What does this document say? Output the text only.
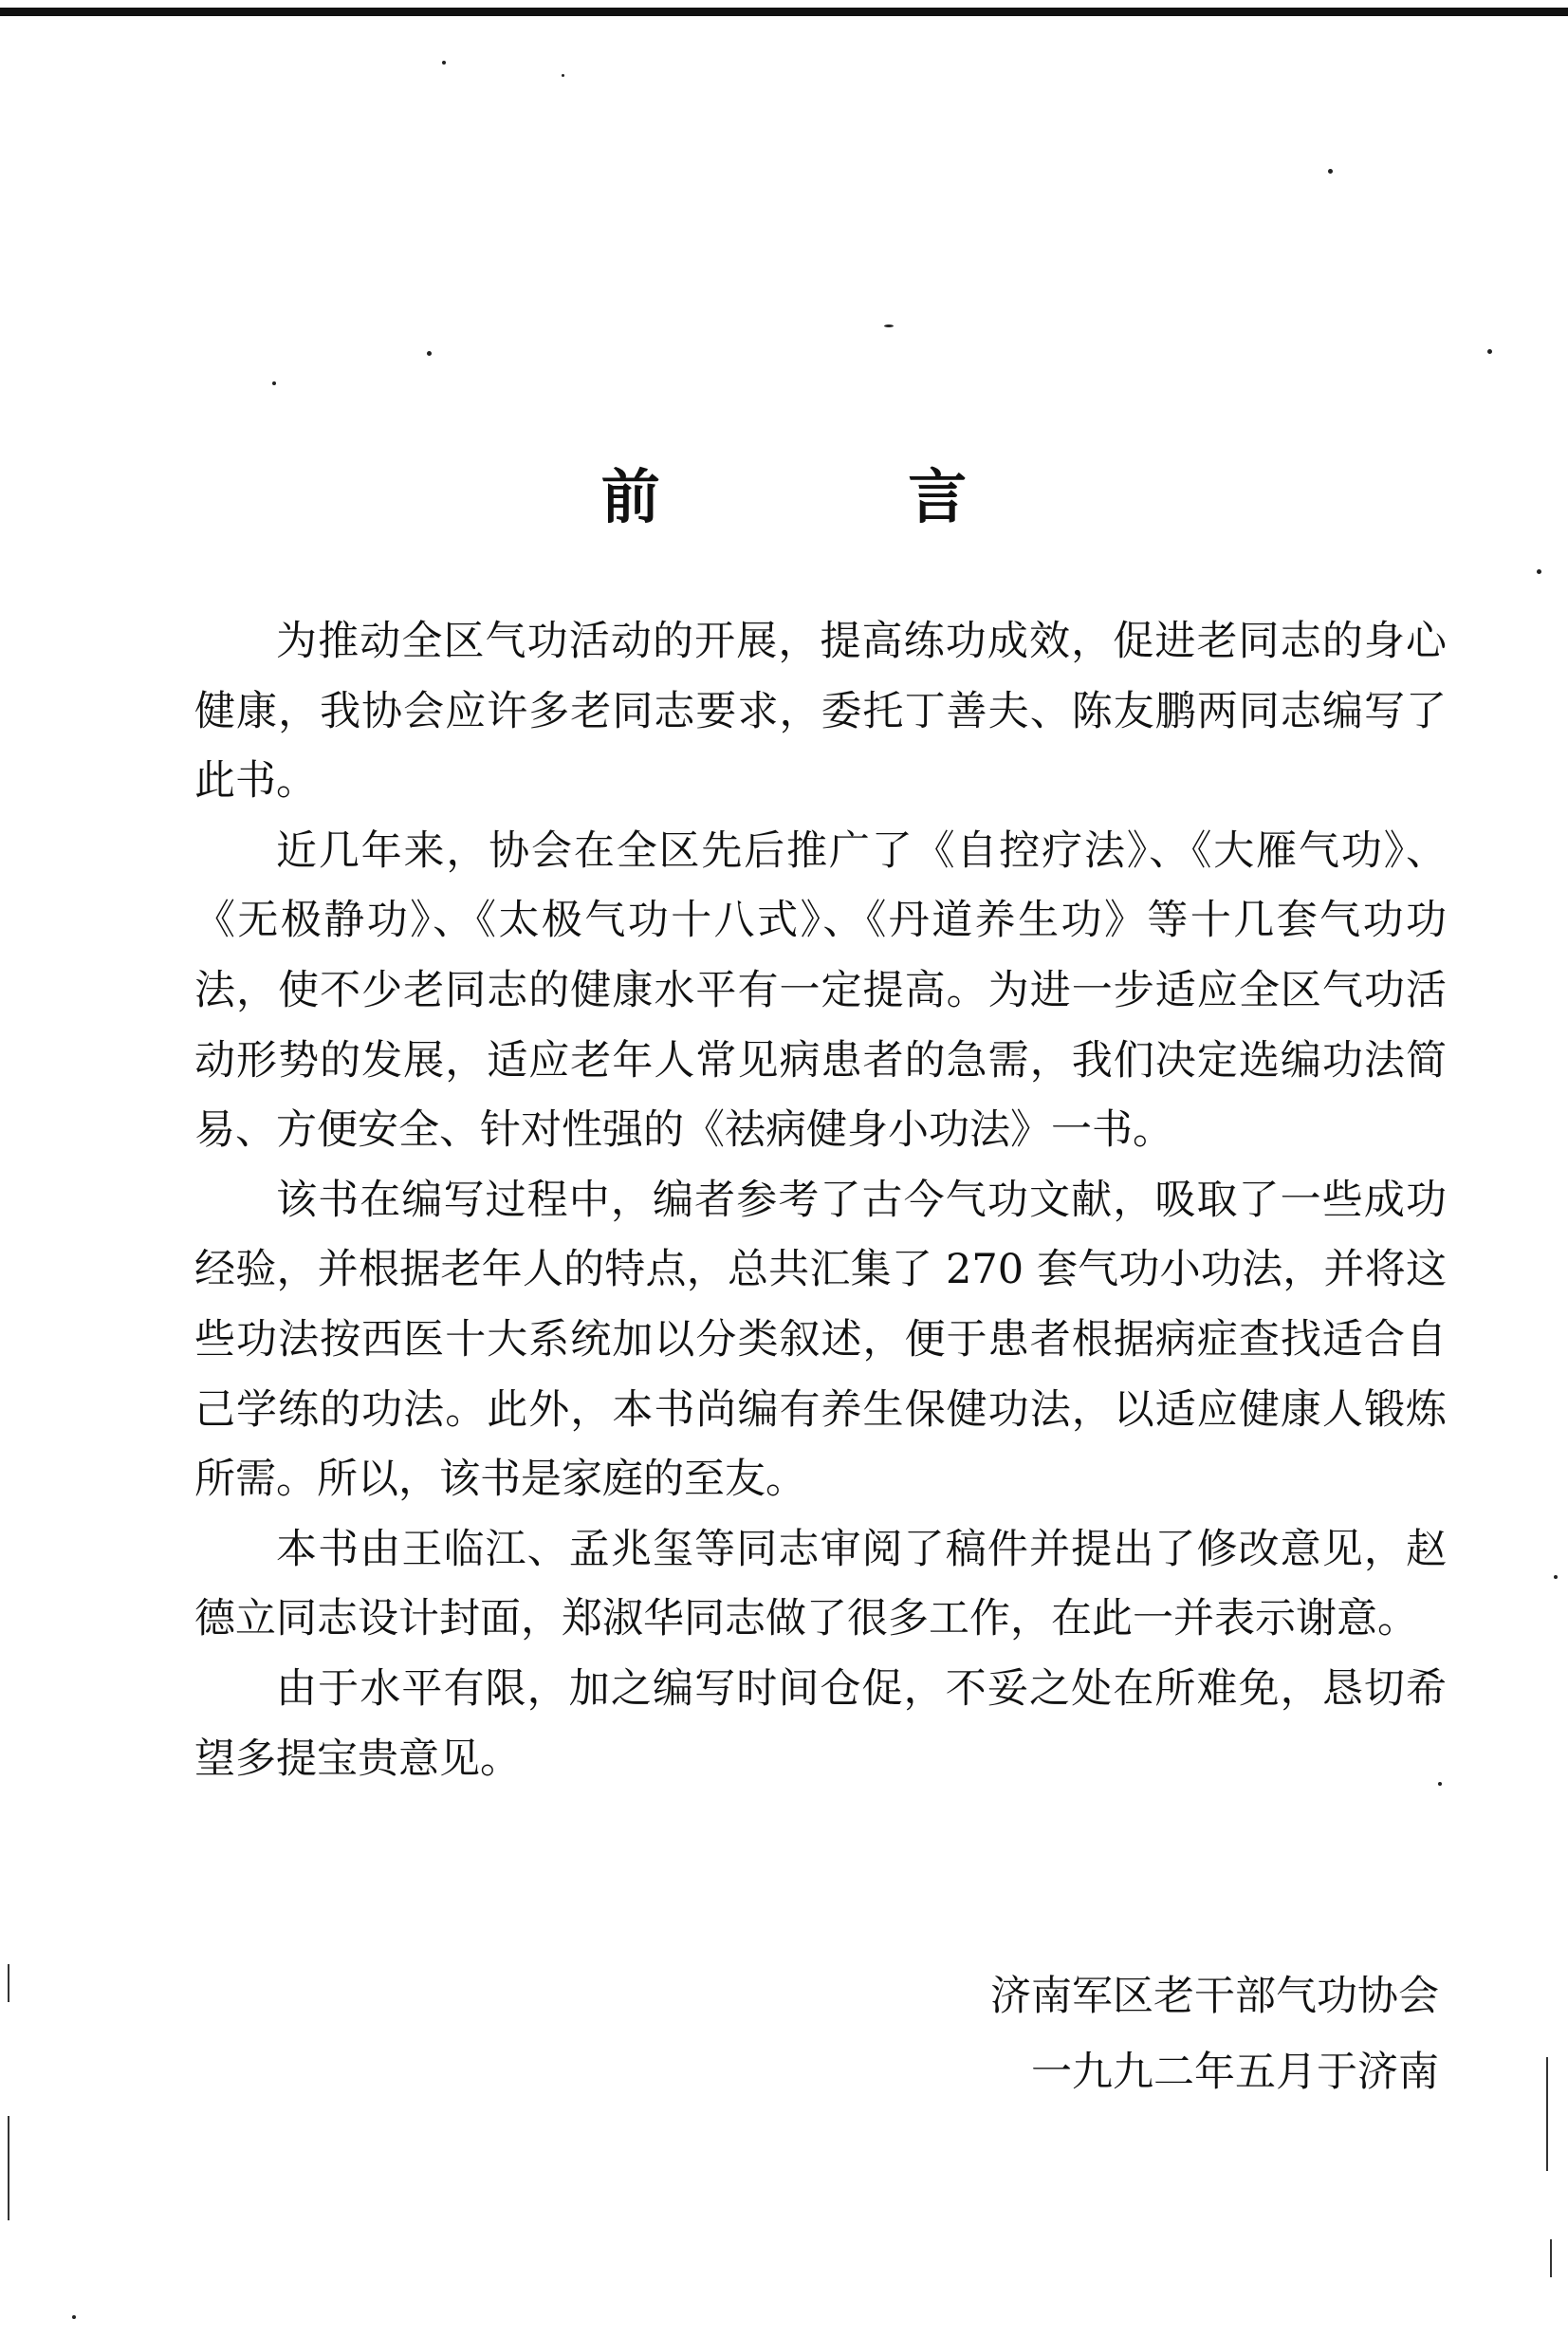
前 言

为推动全区气功活动的开展，提高练功成效，促进老同志的身心健康，我协会应许多老同志要求，委托丁善夫、陈友鹏两同志编写了此书。

近几年来，协会在全区先后推广了《自控疗法》、《大雁气功》、《无极静功》、《太极气功十八式》、《丹道养生功》等十几套气功功法，使不少老同志的健康水平有一定提高。为进一步适应全区气功活动形势的发展，适应老年人常见病患者的急需，我们决定选编功法简易、方便安全、针对性强的《祛病健身小功法》一书。

该书在编写过程中，编者参考了古今气功文献，吸取了一些成功经验，并根据老年人的特点，总共汇集了 270 套气功小功法，并将这些功法按西医十大系统加以分类叙述，便于患者根据病症查找适合自己学练的功法。此外，本书尚编有养生保健功法，以适应健康人锻炼所需。所以，该书是家庭的至友。

本书由王临江、孟兆玺等同志审阅了稿件并提出了修改意见，赵德立同志设计封面，郑淑华同志做了很多工作，在此一并表示谢意。

由于水平有限，加之编写时间仓促，不妥之处在所难免，恳切希望多提宝贵意见。

济南军区老干部气功协会
一九九二年五月于济南
